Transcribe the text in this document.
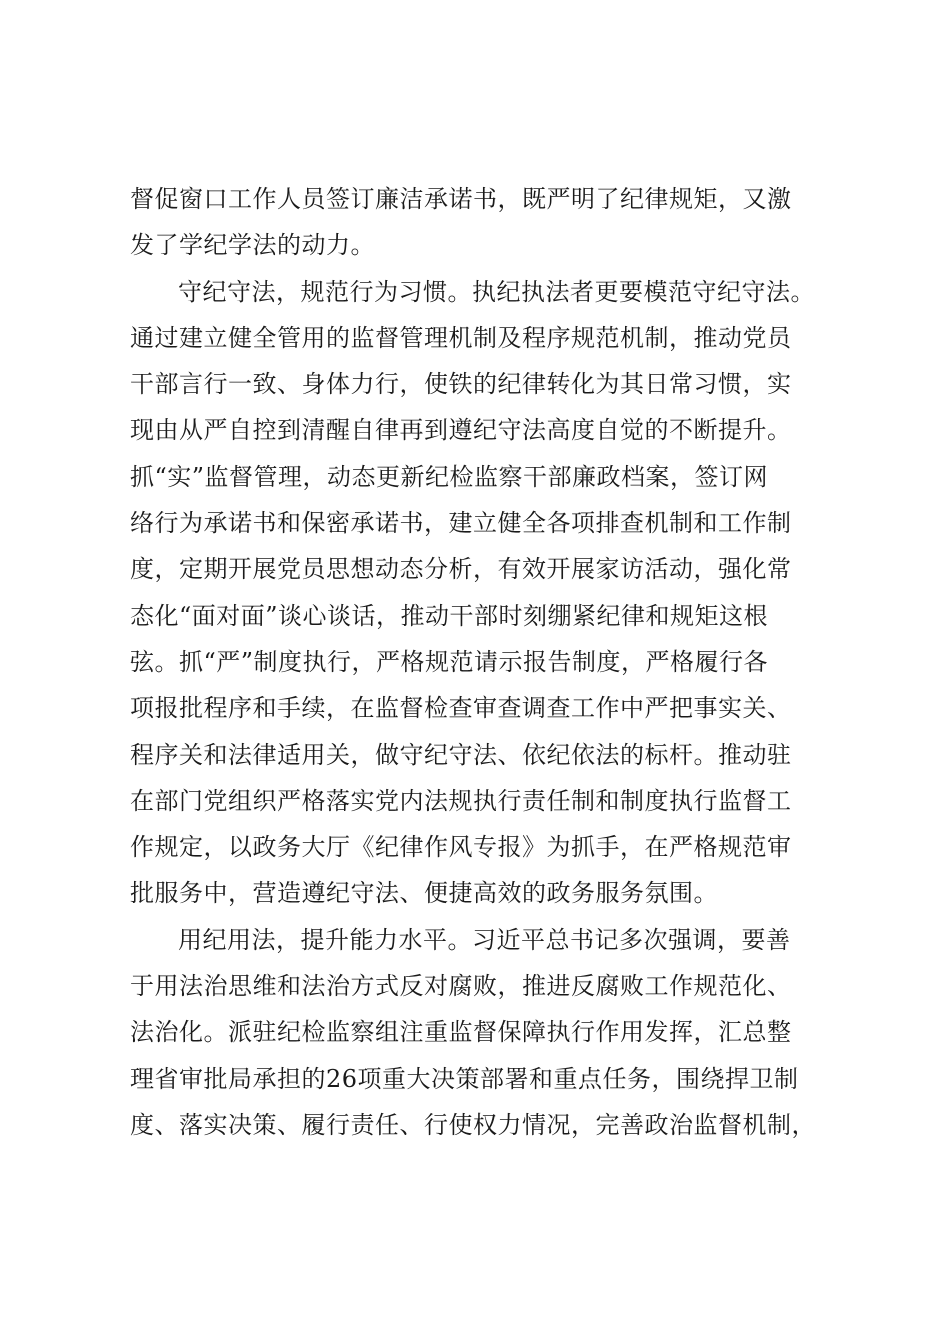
督促窗口工作人员签订廉洁承诺书，既严明了纪律规矩，又激
发了学纪学法的动力。
守纪守法，规范行为习惯。执纪执法者更要模范守纪守法。
通过建立健全管用的监督管理机制及程序规范机制，推动党员
干部言行一致、身体力行，使铁的纪律转化为其日常习惯，实
现由从严自控到清醒自律再到遵纪守法高度自觉的不断提升。
抓“实”监督管理，动态更新纪检监察干部廉政档案，签订网
络行为承诺书和保密承诺书，建立健全各项排查机制和工作制
度，定期开展党员思想动态分析，有效开展家访活动，强化常
态化“面对面”谈心谈话，推动干部时刻绷紧纪律和规矩这根
弦。抓“严”制度执行，严格规范请示报告制度，严格履行各
项报批程序和手续，在监督检查审查调查工作中严把事实关、
程序关和法律适用关，做守纪守法、依纪依法的标杆。推动驻
在部门党组织严格落实党内法规执行责任制和制度执行监督工
作规定，以政务大厅《纪律作风专报》为抓手，在严格规范审
批服务中，营造遵纪守法、便捷高效的政务服务氛围。
用纪用法，提升能力水平。习近平总书记多次强调，要善
于用法治思维和法治方式反对腐败，推进反腐败工作规范化、
法治化。派驻纪检监察组注重监督保障执行作用发挥，汇总整
理省审批局承担的26项重大决策部署和重点任务，围绕捍卫制
度、落实决策、履行责任、行使权力情况，完善政治监督机制，
